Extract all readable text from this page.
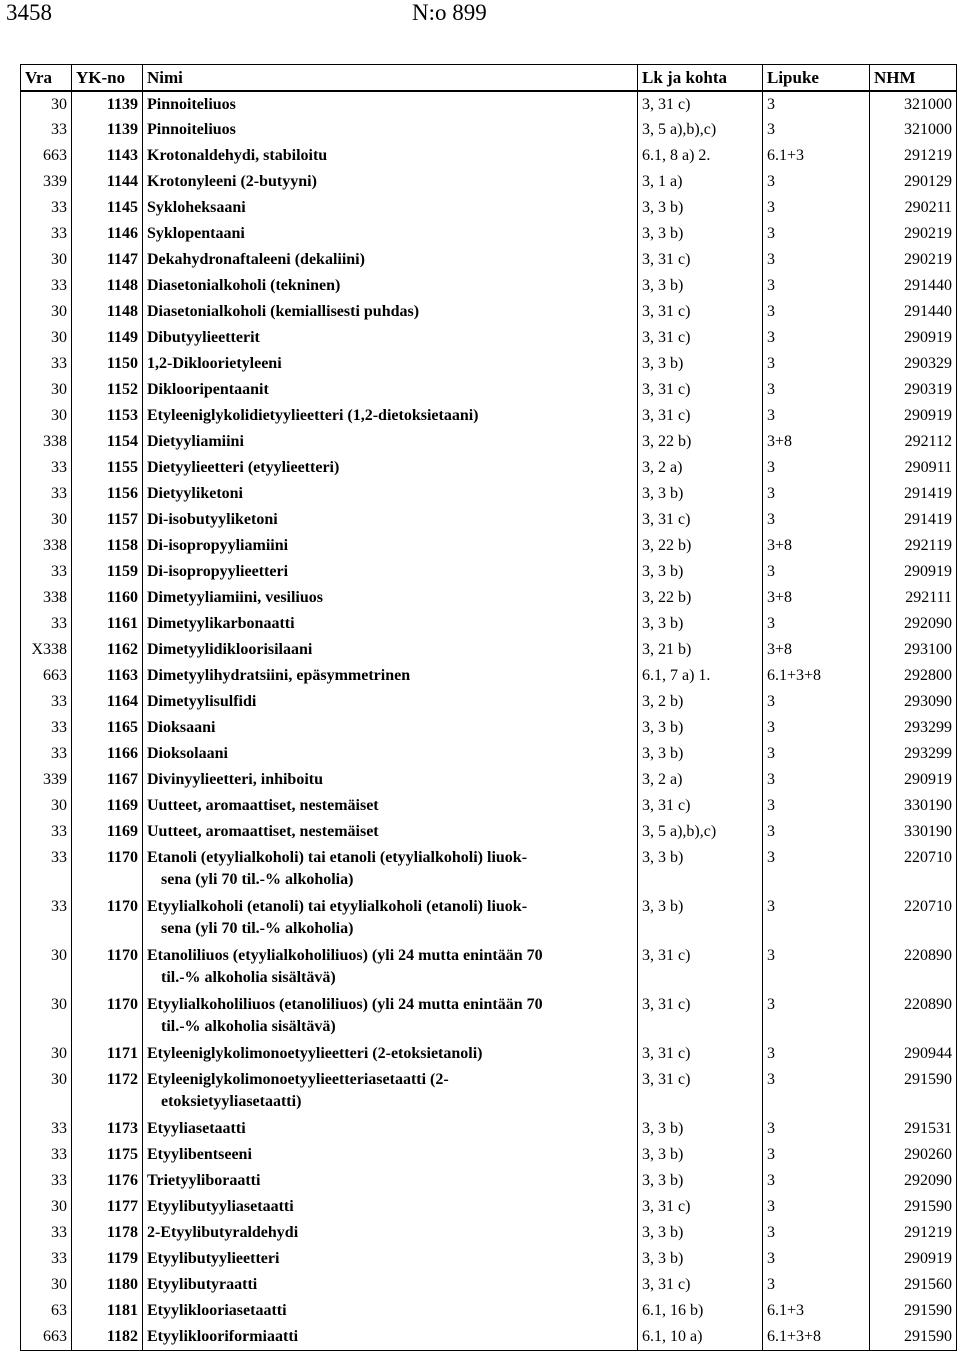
3458	N:o 899
Vra	YK-no	Nimi	Lk ja kohta	Lipuke	NHM
30	1139	Pinnoiteliuos	3, 31 c)	3	321000
33	1139	Pinnoiteliuos	3, 5 a),b),c)	3	321000
663	1143	Krotonaldehydi, stabiloitu	6.1, 8 a) 2.	6.1+3	291219
339	1144	Krotonyleeni (2-butyyni)	3, 1 a)	3	290129
33	1145	Sykloheksaani	3, 3 b)	3	290211
33	1146	Syklopentaani	3, 3 b)	3	290219
30	1147	Dekahydronaftaleeni (dekaliini)	3, 31 c)	3	290219
33	1148	Diasetonialkoholi (tekninen)	3, 3 b)	3	291440
30	1148	Diasetonialkoholi (kemiallisesti puhdas)	3, 31 c)	3	291440
30	1149	Dibutyylieetterit	3, 31 c)	3	290919
33	1150	1,2-Dikloorietyleeni	3, 3 b)	3	290329
30	1152	Diklooripentaanit	3, 31 c)	3	290319
30	1153	Etyleeniglykolidietyylieetteri (1,2-dietoksietaani)	3, 31 c)	3	290919
338	1154	Dietyyliamiini	3, 22 b)	3+8	292112
33	1155	Dietyylieetteri (etyylieetteri)	3, 2 a)	3	290911
33	1156	Dietyyliketoni	3, 3 b)	3	291419
30	1157	Di-isobutyyliketoni	3, 31 c)	3	291419
338	1158	Di-isopropyyliamiini	3, 22 b)	3+8	292119
33	1159	Di-isopropyylieetteri	3, 3 b)	3	290919
338	1160	Dimetyyliamiini, vesiliuos	3, 22 b)	3+8	292111
33	1161	Dimetyylikarbonaatti	3, 3 b)	3	292090
X338	1162	Dimetyylidikloorisilaani	3, 21 b)	3+8	293100
663	1163	Dimetyylihydratsiini, epäsymmetrinen	6.1, 7 a) 1.	6.1+3+8	292800
33	1164	Dimetyylisulfidi	3, 2 b)	3	293090
33	1165	Dioksaani	3, 3 b)	3	293299
33	1166	Dioksolaani	3, 3 b)	3	293299
339	1167	Divinyylieetteri, inhiboitu	3, 2 a)	3	290919
30	1169	Uutteet, aromaattiset, nestemäiset	3, 31 c)	3	330190
33	1169	Uutteet, aromaattiset, nestemäiset	3, 5 a),b),c)	3	330190
33	1170	Etanoli (etyylialkoholi) tai etanoli (etyylialkoholi) liuok-
sena (yli 70 til.-% alkoholia)	3, 3 b)	3	220710
33	1170	Etyylialkoholi (etanoli) tai etyylialkoholi (etanoli) liuok-
sena (yli 70 til.-% alkoholia)	3, 3 b)	3	220710
30	1170	Etanoliliuos (etyylialkoholiliuos) (yli 24 mutta enintään 70
til.-% alkoholia sisältävä)	3, 31 c)	3	220890
30	1170	Etyylialkoholiliuos (etanoliliuos) (yli 24 mutta enintään 70
til.-% alkoholia sisältävä)	3, 31 c)	3	220890
30	1171	Etyleeniglykolimonoetyylieetteri (2-etoksietanoli)	3, 31 c)	3	290944
30	1172	Etyleeniglykolimonoetyylieetteriasetaatti (2-
etoksietyyliasetaatti)	3, 31 c)	3	291590
33	1173	Etyyliasetaatti	3, 3 b)	3	291531
33	1175	Etyylibentseeni	3, 3 b)	3	290260
33	1176	Trietyyliboraatti	3, 3 b)	3	292090
30	1177	Etyylibutyyliasetaatti	3, 31 c)	3	291590
33	1178	2-Etyylibutyraldehydi	3, 3 b)	3	291219
33	1179	Etyylibutyylieetteri	3, 3 b)	3	290919
30	1180	Etyylibutyraatti	3, 31 c)	3	291560
63	1181	Etyyliklooriasetaatti	6.1, 16 b)	6.1+3	291590
663	1182	Etyyliklooriformiaatti	6.1, 10 a)	6.1+3+8	291590
